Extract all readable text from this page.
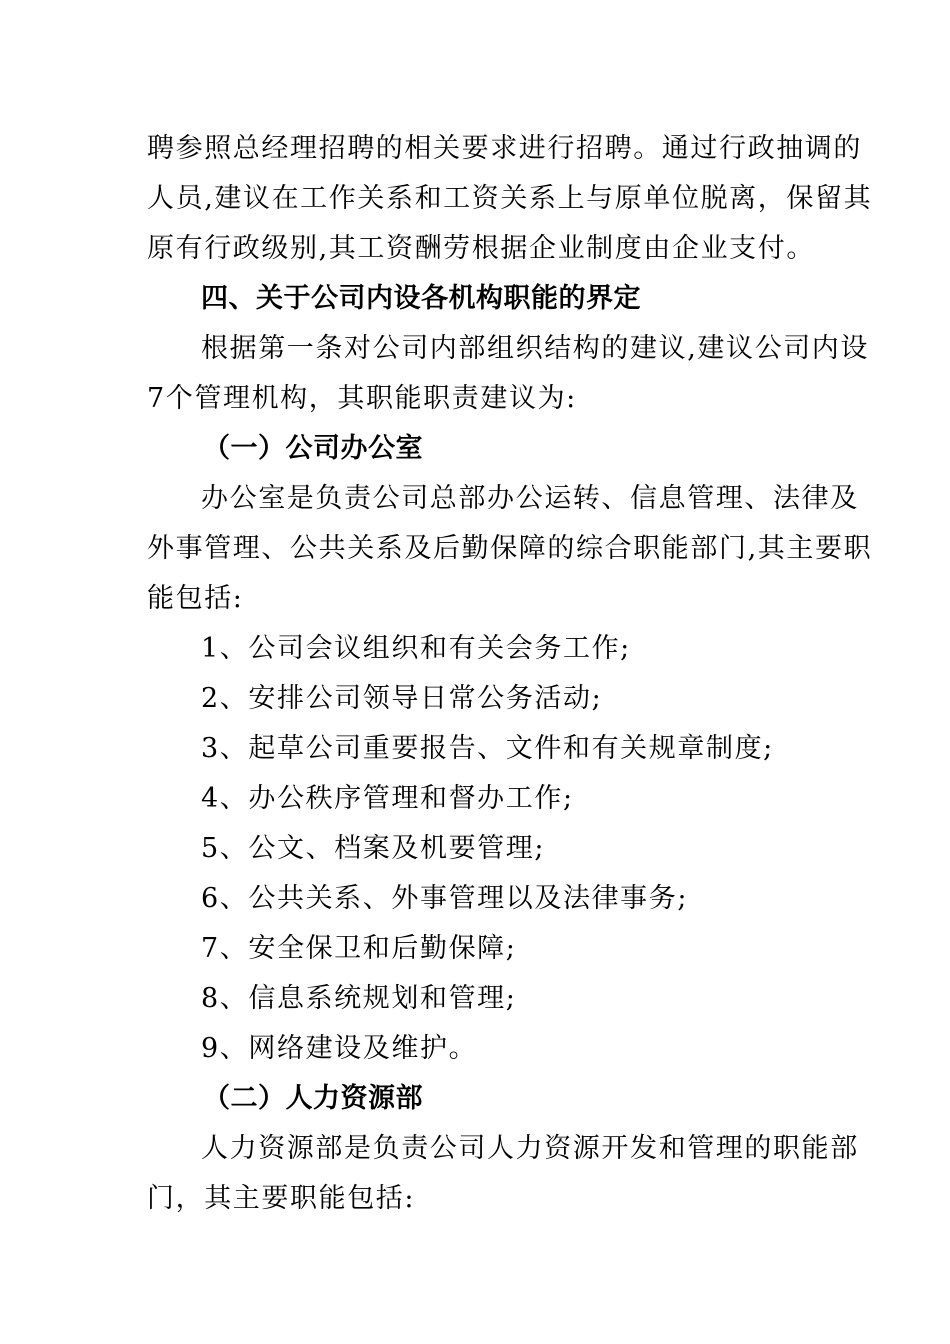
聘参照总经理招聘的相关要求进行招聘。通过行政抽调的
人员,建议在工作关系和工资关系上与原单位脱离，保留其
原有行政级别,其工资酬劳根据企业制度由企业支付。
四、关于公司内设各机构职能的界定
根据第一条对公司内部组织结构的建议,建议公司内设
7个管理机构，其职能职责建议为:
（一）公司办公室
办公室是负责公司总部办公运转、信息管理、法律及
外事管理、公共关系及后勤保障的综合职能部门,其主要职
能包括:
1、公司会议组织和有关会务工作;
2、安排公司领导日常公务活动;
3、起草公司重要报告、文件和有关规章制度;
4、办公秩序管理和督办工作;
5、公文、档案及机要管理;
6、公共关系、外事管理以及法律事务;
7、安全保卫和后勤保障;
8、信息系统规划和管理;
9、网络建设及维护。
（二）人力资源部
人力资源部是负责公司人力资源开发和管理的职能部
门，其主要职能包括:
